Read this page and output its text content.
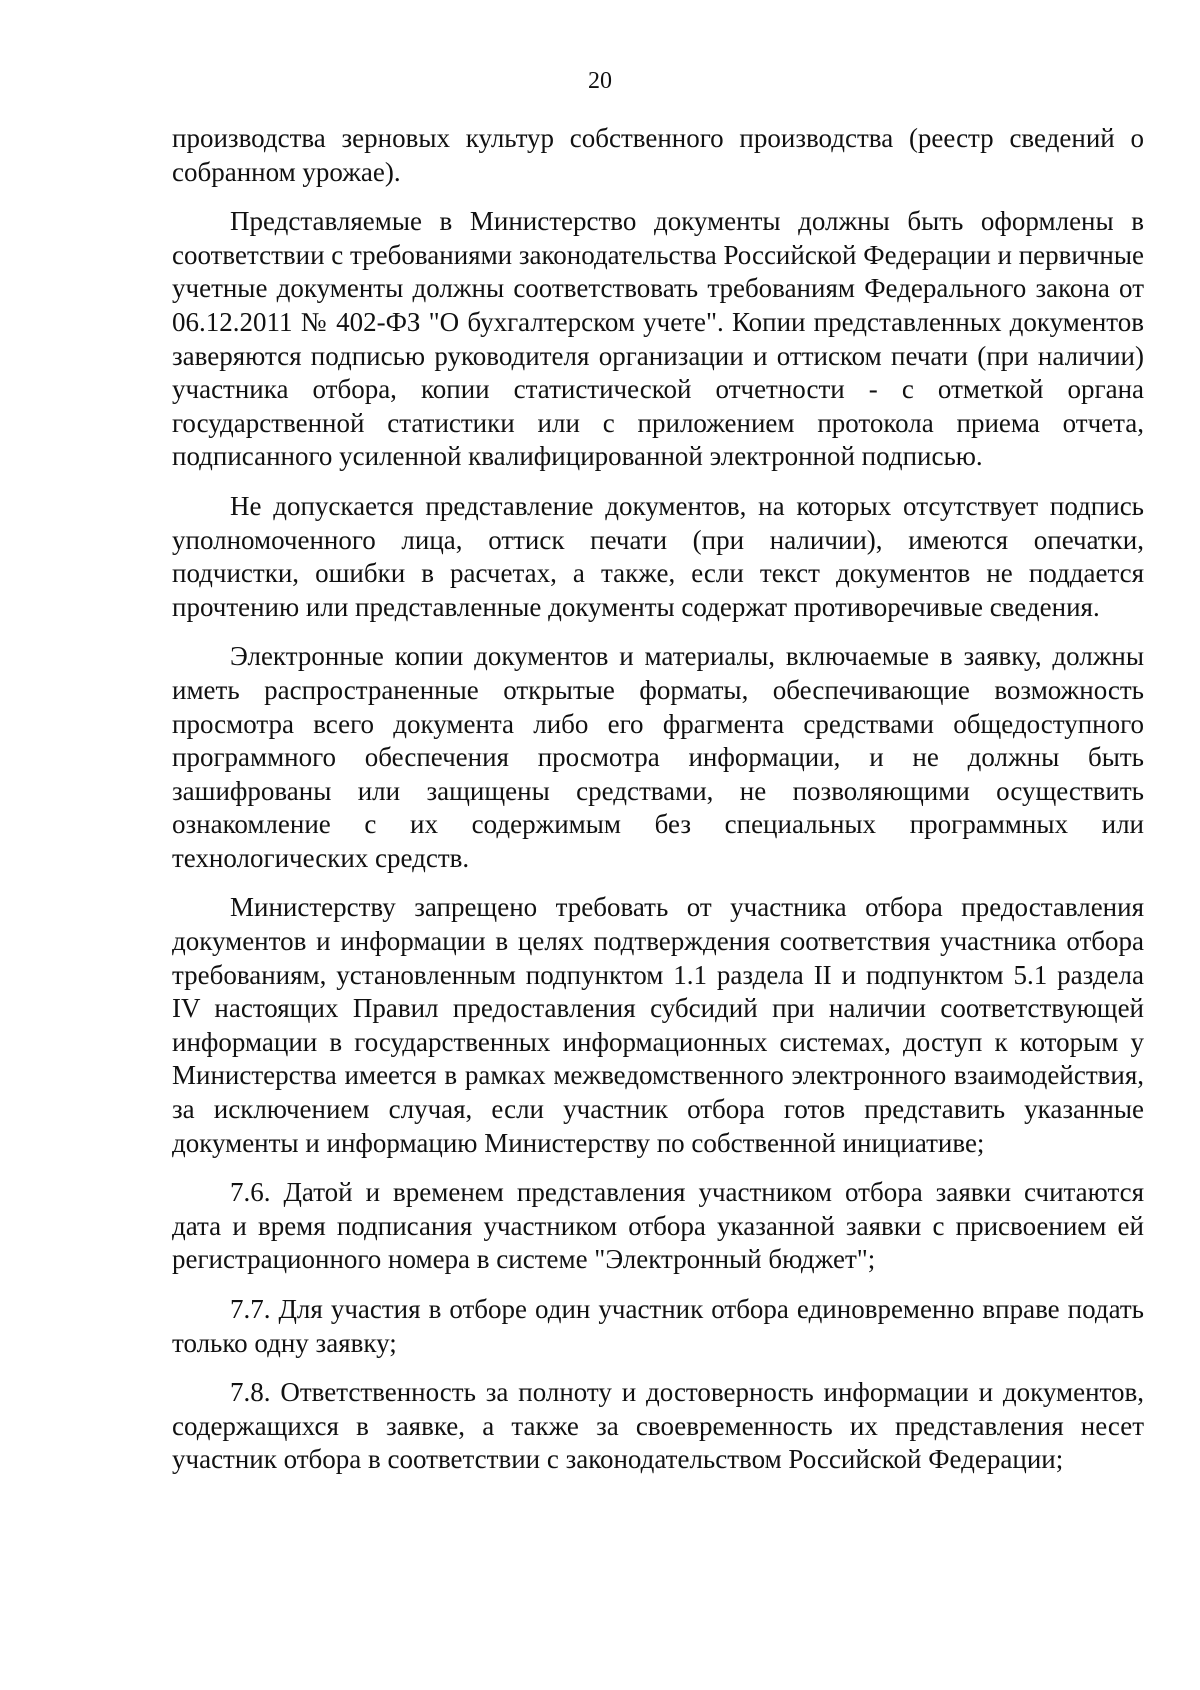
20

производства зерновых культур собственного производства (реестр сведений о собранном урожае).

Представляемые в Министерство документы должны быть оформлены в соответствии с требованиями законодательства Российской Федерации и первичные учетные документы должны соответствовать требованиям Федерального закона от 06.12.2011 № 402-ФЗ "О бухгалтерском учете". Копии представленных документов заверяются подписью руководителя организации и оттиском печати (при наличии) участника отбора, копии статистической отчетности - с отметкой органа государственной статистики или с приложением протокола приема отчета, подписанного усиленной квалифицированной электронной подписью.

Не допускается представление документов, на которых отсутствует подпись уполномоченного лица, оттиск печати (при наличии), имеются опечатки, подчистки, ошибки в расчетах, а также, если текст документов не поддается прочтению или представленные документы содержат противоречивые сведения.

Электронные копии документов и материалы, включаемые в заявку, должны иметь распространенные открытые форматы, обеспечивающие возможность просмотра всего документа либо его фрагмента средствами общедоступного программного обеспечения просмотра информации, и не должны быть зашифрованы или защищены средствами, не позволяющими осуществить ознакомление с их содержимым без специальных программных или технологических средств.

Министерству запрещено требовать от участника отбора предоставления документов и информации в целях подтверждения соответствия участника отбора требованиям, установленным подпунктом 1.1 раздела II и подпунктом 5.1 раздела IV настоящих Правил предоставления субсидий при наличии соответствующей информации в государственных информационных системах, доступ к которым у Министерства имеется в рамках межведомственного электронного взаимодействия, за исключением случая, если участник отбора готов представить указанные документы и информацию Министерству по собственной инициативе;

7.6. Датой и временем представления участником отбора заявки считаются дата и время подписания участником отбора указанной заявки с присвоением ей регистрационного номера в системе "Электронный бюджет";

7.7. Для участия в отборе один участник отбора единовременно вправе подать только одну заявку;

7.8. Ответственность за полноту и достоверность информации и документов, содержащихся в заявке, а также за своевременность их представления несет участник отбора в соответствии с законодательством Российской Федерации;
